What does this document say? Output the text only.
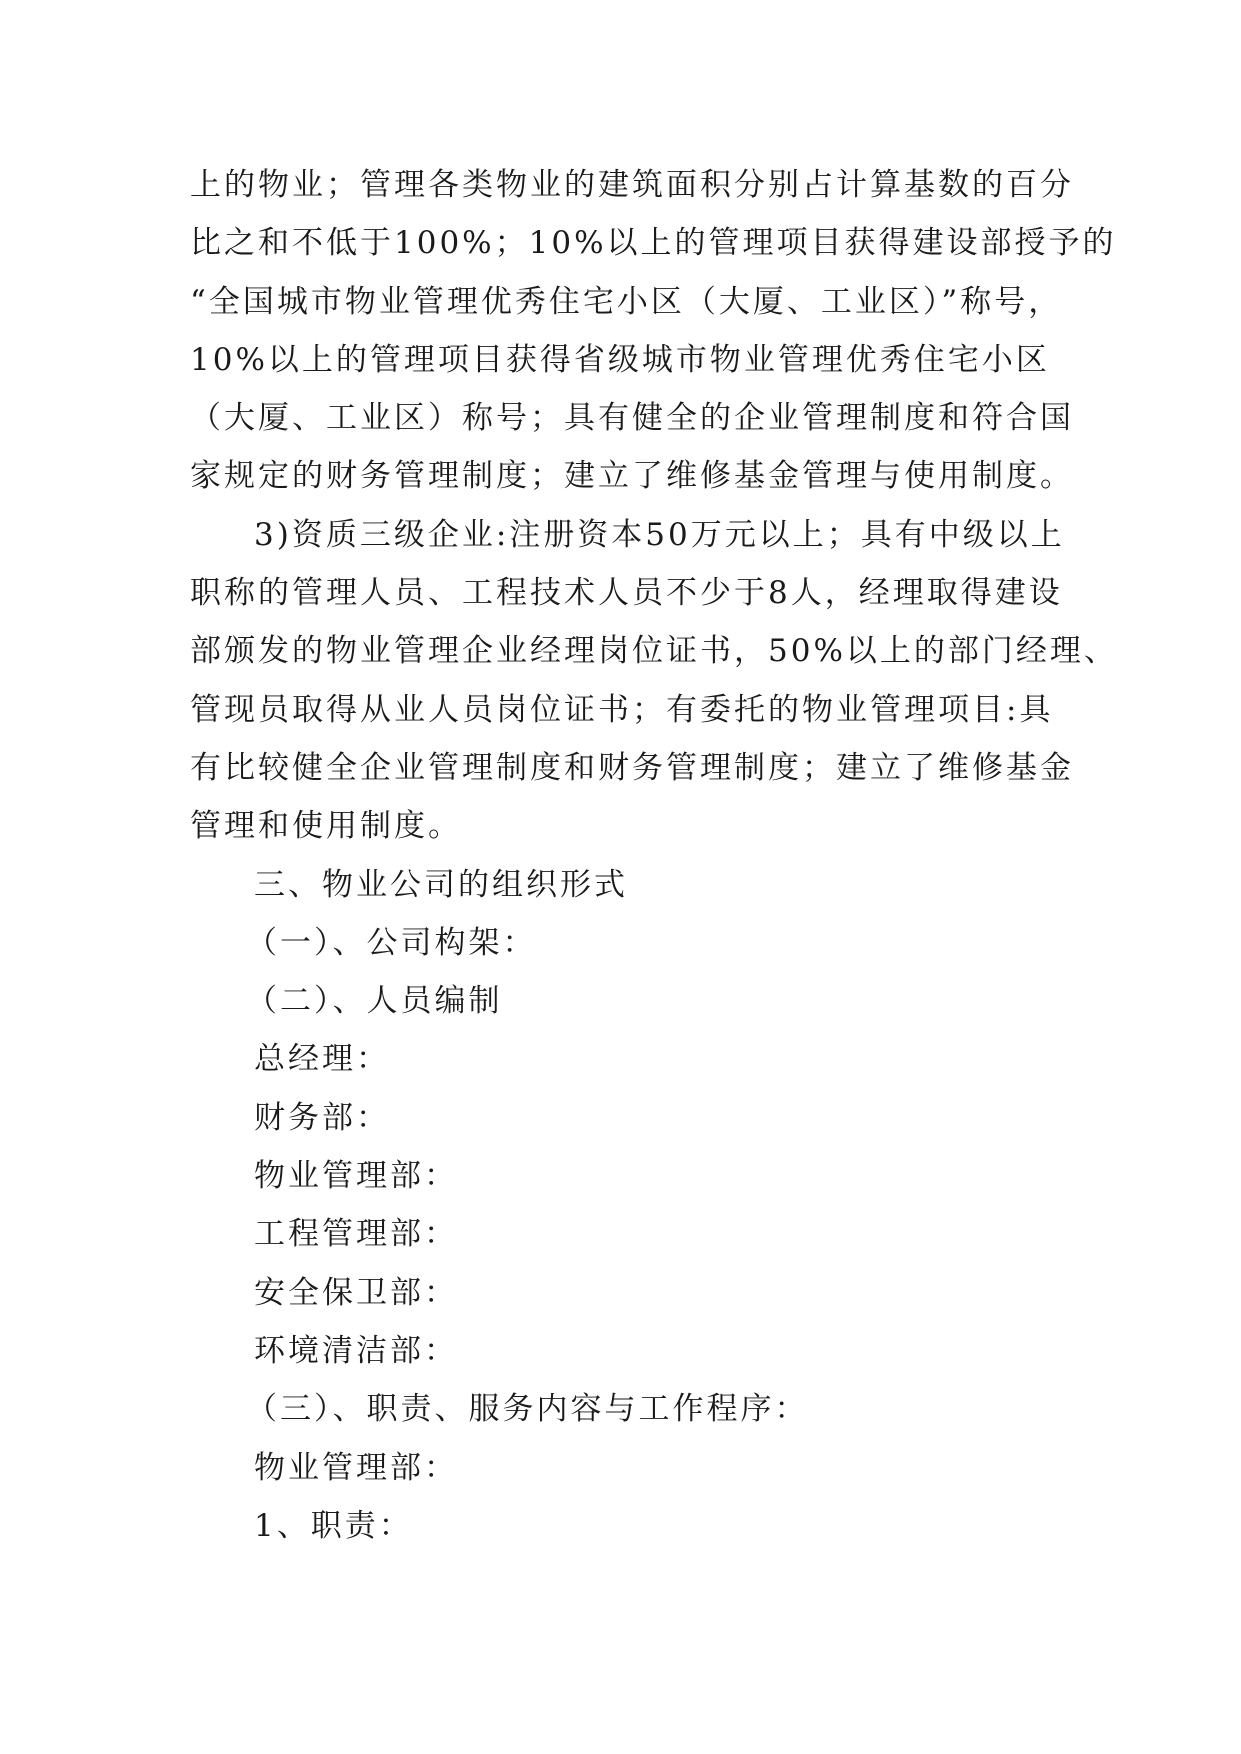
上的物业；管理各类物业的建筑面积分别占计算基数的百分
比之和不低于100%；10%以上的管理项目获得建设部授予的
“全国城市物业管理优秀住宅小区（大厦、工业区）”称号，
10%以上的管理项目获得省级城市物业管理优秀住宅小区
（大厦、工业区）称号；具有健全的企业管理制度和符合国
家规定的财务管理制度；建立了维修基金管理与使用制度。
3)资质三级企业:注册资本50万元以上；具有中级以上
职称的管理人员、工程技术人员不少于8人，经理取得建设
部颁发的物业管理企业经理岗位证书，50%以上的部门经理、
管现员取得从业人员岗位证书；有委托的物业管理项目:具
有比较健全企业管理制度和财务管理制度；建立了维修基金
管理和使用制度。
三、物业公司的组织形式
（一）、公司构架：
（二）、人员编制
总经理：
财务部：
物业管理部：
工程管理部：
安全保卫部：
环境清洁部：
（三）、职责、服务内容与工作程序：
物业管理部：
1、职责：
